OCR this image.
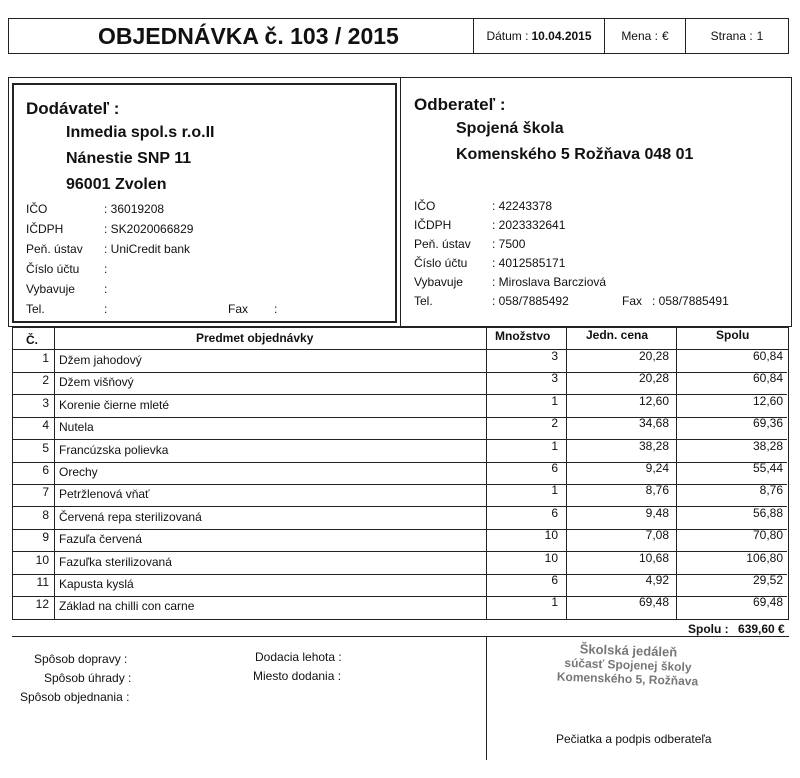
OBJEDNÁVKA č. 103 / 2015	Dátum : 10.04.2015 Mena : €	Strana : 1
Dodávateľ :
Inmedia spol.s r.o.II
Nánestie SNP 11
96001 Zvolen
IČO	: 36019208
IČDPH	: SK2020066829
Peň. ústav : UniCredit bank
Číslo účtu :
Vybavuje :
Tel.	:	Fax :
Odberateľ :
Spojená škola
Komenského 5 Rožňava 048 01
IČO	: 42243378
IČDPH	: 2023332641
Peň. ústav : 7500
Číslo účtu : 4012585171
Vybavuje : Miroslava Barcziová
Tel.	: 058/7885492	Fax : 058/7885491
Č.	Predmet objednávky	Množstvo	Jedn. cena	Spolu
1 Džem jahodový	3	20,28	60,84
2 Džem višňový	3	20,28	60,84
3 Korenie čierne mleté	1	12,60	12,60
4 Nutela	2	34,68	69,36
5 Francúzska polievka	1	38,28	38,28
6 Orechy	6	9,24	55,44
7 Petržlenová vňať	1	8,76	8,76
8 Červená repa sterilizovaná	6	9,48	56,88
9 Fazuľa červená	10	7,08	70,80
10 Fazuľka sterilizovaná	10	10,68	106,80
11 Kapusta kyslá	6	4,92	29,52
12 Základ na chilli con carne	1	69,48	69,48
Spolu : 639,60 €
Spôsob dopravy :
Spôsob úhrady :
Spôsob objednania :
Dodacia lehota :
Miesto dodania :
Školská jedáleň
súčasť Spojenej školy
Komenského 5, Rožňava
Pečiatka a podpis odberateľa
